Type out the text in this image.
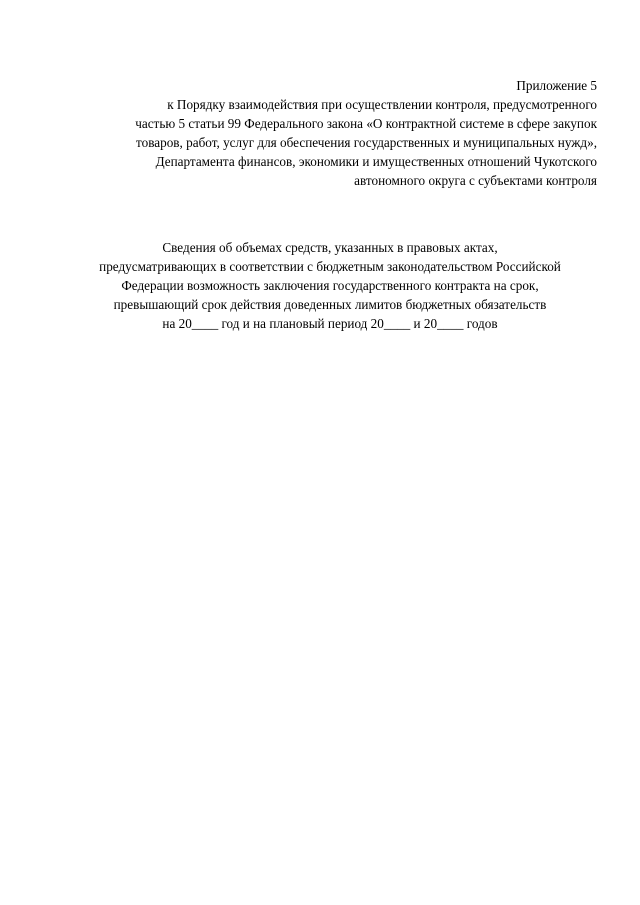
Приложение 5
к Порядку взаимодействия при осуществлении контроля, предусмотренного
частью 5 статьи 99 Федерального закона «О контрактной системе в сфере закупок
товаров, работ, услуг для обеспечения государственных и муниципальных нужд»,
Департамента финансов, экономики и имущественных отношений Чукотского
автономного округа с субъектами контроля
Сведения об объемах средств, указанных в правовых актах,
предусматривающих в соответствии с бюджетным законодательством Российской
Федерации возможность заключения государственного контракта на срок,
превышающий срок действия доведенных лимитов бюджетных обязательств
на 20____ год и на плановый период 20____ и 20____ годов
